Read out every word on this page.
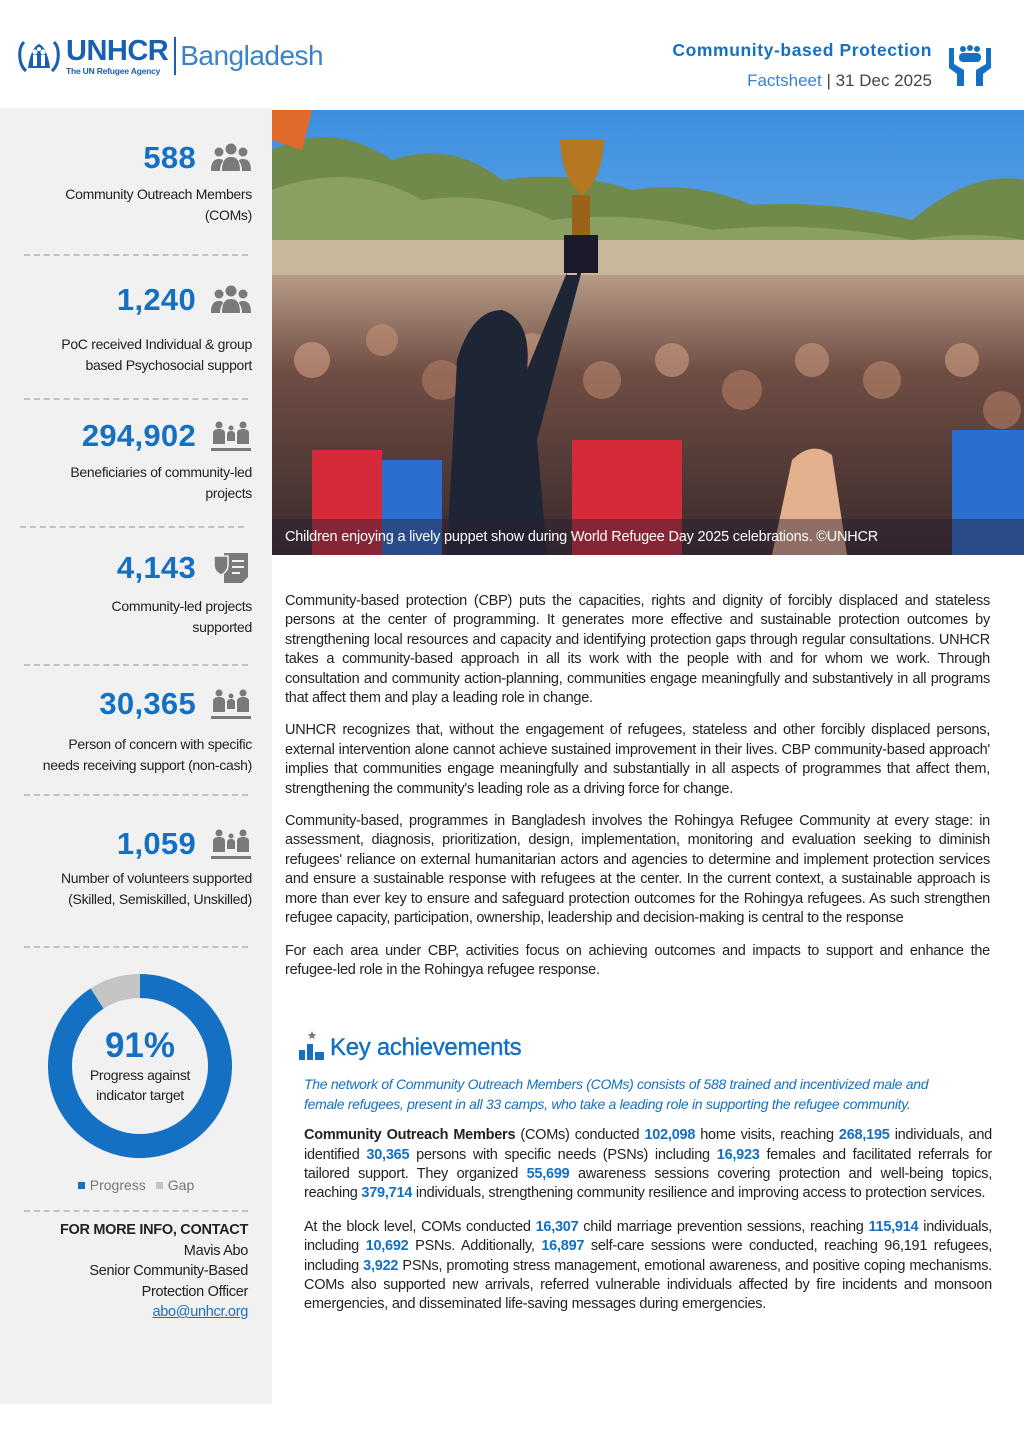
UNHCR
The UN Refugee Agency Bangladesh	Community-based Protection
Factsheet | 31 Dec 2025
588
Community Outreach Members (COMs)
1,240
PoC received Individual & group based Psychosocial support
294,902
Beneficiaries of community-led projects
4,143
Community-led projects supported
30,365
Person of concern with specific needs receiving support (non-cash)
1,059
Number of volunteers supported (Skilled, Semiskilled, Unskilled)
91%
Progress against indicator target
Progress Gap
FOR MORE INFO, CONTACT
Mavis Abo
Senior Community-Based
Protection Officer
abo@unhcr.org
Children enjoying a lively puppet show during World Refugee Day 2025 celebrations. ©UNHCR

Community-based protection (CBP) puts the capacities, rights and dignity of forcibly displaced and stateless persons at the center of programming. It generates more effective and sustainable protection outcomes by strengthening local resources and capacity and identifying protection gaps through regular consultations. UNHCR takes a community-based approach in all its work with the people with and for whom we work. Through consultation and community action-planning, communities engage meaningfully and substantively in all programs that affect them and play a leading role in change.

UNHCR recognizes that, without the engagement of refugees, stateless and other forcibly displaced persons, external intervention alone cannot achieve sustained improvement in their lives. CBP community-based approach' implies that communities engage meaningfully and substantially in all aspects of programmes that affect them, strengthening the community's leading role as a driving force for change.

Community-based, programmes in Bangladesh involves the Rohingya Refugee Community at every stage: in assessment, diagnosis, prioritization, design, implementation, monitoring and evaluation seeking to diminish refugees' reliance on external humanitarian actors and agencies to determine and implement protection services and ensure a sustainable response with refugees at the center. In the current context, a sustainable approach is more than ever key to ensure and safeguard protection outcomes for the Rohingya refugees. As such strengthen refugee capacity, participation, ownership, leadership and decision-making is central to the response

For each area under CBP, activities focus on achieving outcomes and impacts to support and enhance the refugee-led role in the Rohingya refugee response.

Key achievements
The network of Community Outreach Members (COMs) consists of 588 trained and incentivized male and female refugees, present in all 33 camps, who take a leading role in supporting the refugee community.

Community Outreach Members (COMs) conducted 102,098 home visits, reaching 268,195 individuals, and identified 30,365 persons with specific needs (PSNs) including 16,923 females and facilitated referrals for tailored support. They organized 55,699 awareness sessions covering protection and well-being topics, reaching 379,714 individuals, strengthening community resilience and improving access to protection services.

At the block level, COMs conducted 16,307 child marriage prevention sessions, reaching 115,914 individuals, including 10,692 PSNs. Additionally, 16,897 self-care sessions were conducted, reaching 96,191 refugees, including 3,922 PSNs, promoting stress management, emotional awareness, and positive coping mechanisms. COMs also supported new arrivals, referred vulnerable individuals affected by fire incidents and monsoon emergencies, and disseminated life-saving messages during emergencies.
